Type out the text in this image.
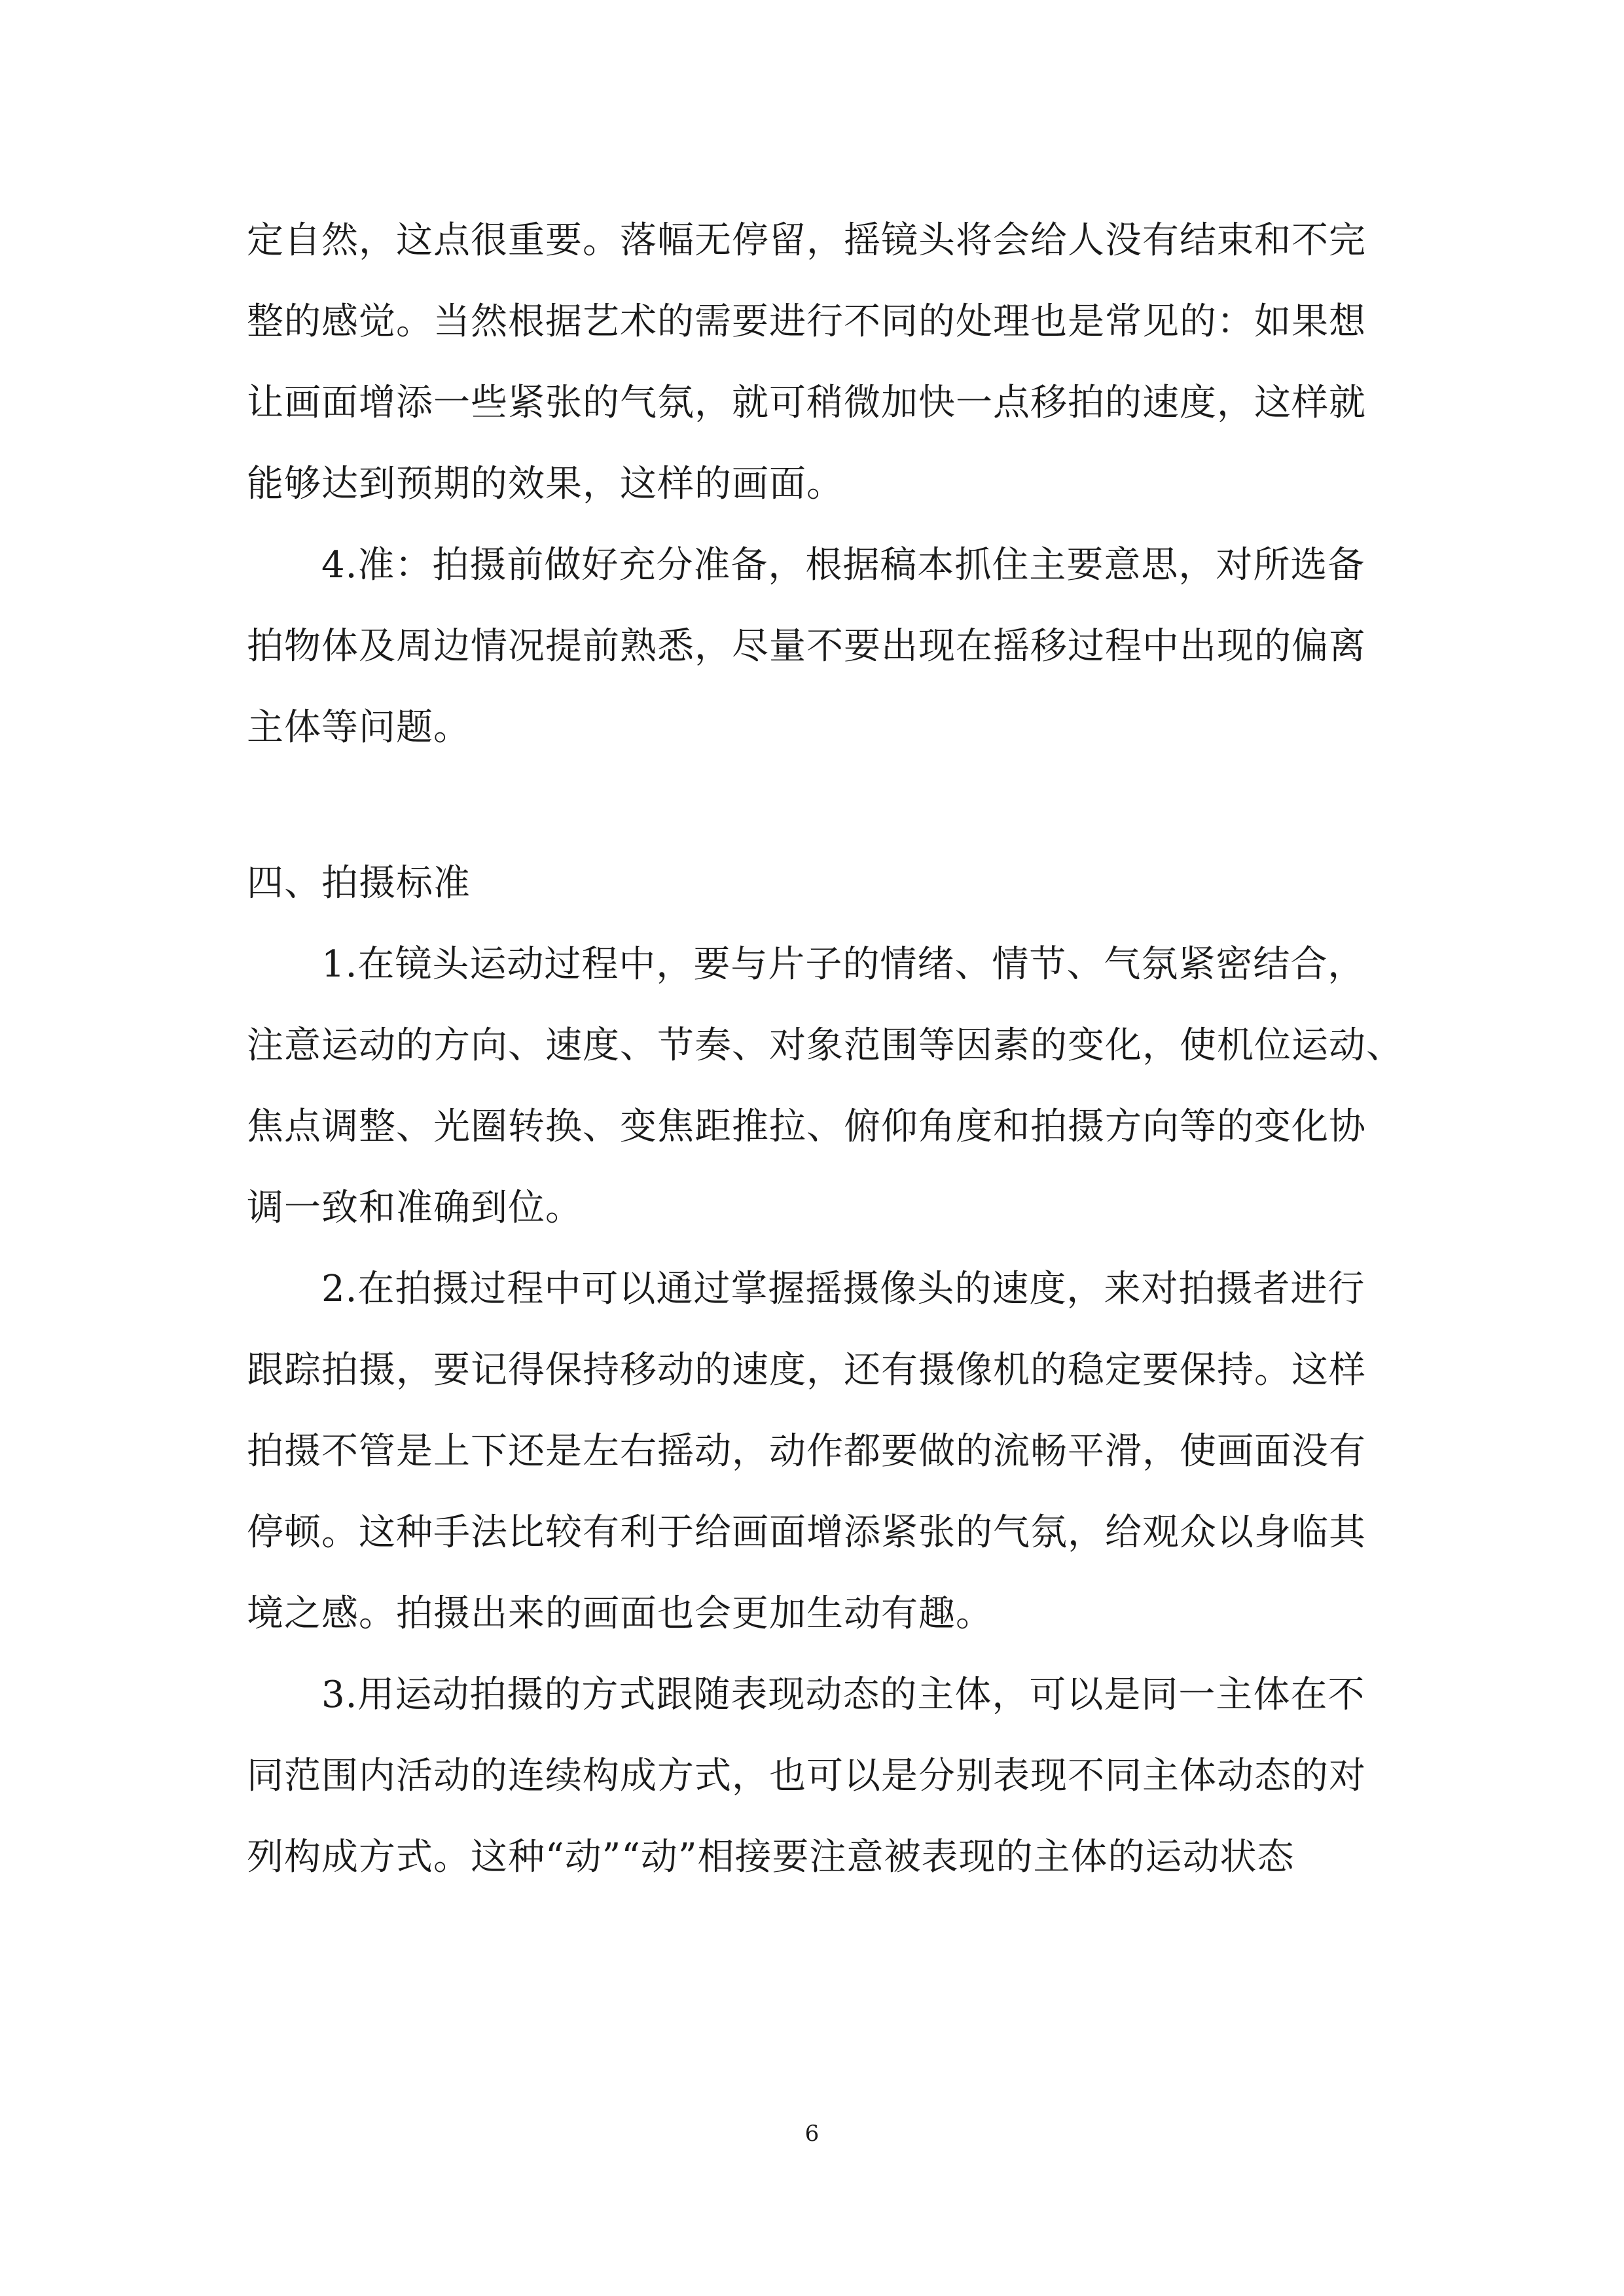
定自然，这点很重要。落幅无停留，摇镜头将会给人没有结束和不完
整的感觉。当然根据艺术的需要进行不同的处理也是常见的：如果想
让画面增添一些紧张的气氛，就可稍微加快一点移拍的速度，这样就
能够达到预期的效果，这样的画面。
4.准：拍摄前做好充分准备，根据稿本抓住主要意思，对所选备
拍物体及周边情况提前熟悉，尽量不要出现在摇移过程中出现的偏离
主体等问题。
四、拍摄标准
1.在镜头运动过程中，要与片子的情绪、情节、气氛紧密结合，
注意运动的方向、速度、节奏、对象范围等因素的变化，使机位运动、
焦点调整、光圈转换、变焦距推拉、俯仰角度和拍摄方向等的变化协
调一致和准确到位。
2.在拍摄过程中可以通过掌握摇摄像头的速度，来对拍摄者进行
跟踪拍摄，要记得保持移动的速度，还有摄像机的稳定要保持。这样
拍摄不管是上下还是左右摇动，动作都要做的流畅平滑，使画面没有
停顿。这种手法比较有利于给画面增添紧张的气氛，给观众以身临其
境之感。拍摄出来的画面也会更加生动有趣。
3.用运动拍摄的方式跟随表现动态的主体，可以是同一主体在不
同范围内活动的连续构成方式，也可以是分别表现不同主体动态的对
列构成方式。这种“动”“动”相接要注意被表现的主体的运动状态
6
